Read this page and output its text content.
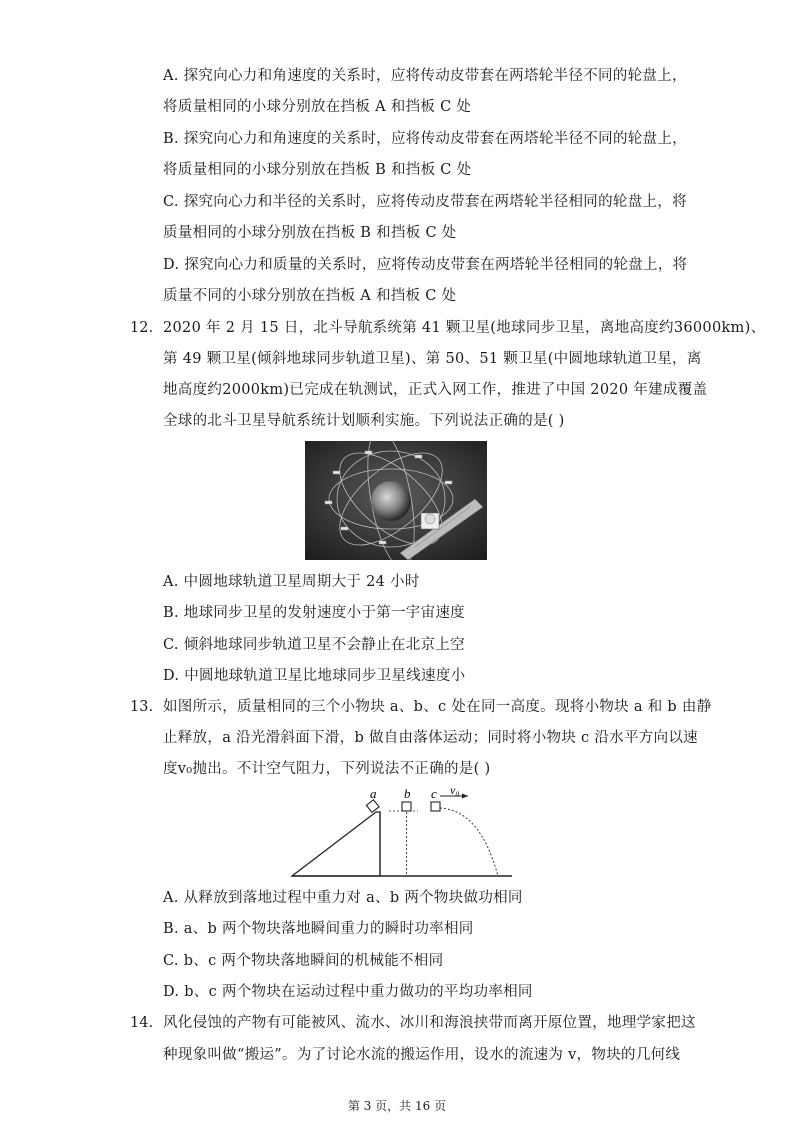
A. 探究向心力和角速度的关系时，应将传动皮带套在两塔轮半径不同的轮盘上，
将质量相同的小球分别放在挡板 A 和挡板 C 处
B. 探究向心力和角速度的关系时，应将传动皮带套在两塔轮半径不同的轮盘上，
将质量相同的小球分别放在挡板 B 和挡板 C 处
C. 探究向心力和半径的关系时，应将传动皮带套在两塔轮半径相同的轮盘上，将
质量相同的小球分别放在挡板 B 和挡板 C 处
D. 探究向心力和质量的关系时，应将传动皮带套在两塔轮半径相同的轮盘上，将
质量不同的小球分别放在挡板 A 和挡板 C 处
12. 2020 年 2 月 15 日，北斗导航系统第 41 颗卫星(地球同步卫星，离地高度约36000km)、
第 49 颗卫星(倾斜地球同步轨道卫星)、第 50、51 颗卫星(中圆地球轨道卫星，离
地高度约2000km)已完成在轨测试，正式入网工作，推进了中国 2020 年建成覆盖
全球的北斗卫星导航系统计划顺利实施。下列说法正确的是( )
A. 中圆地球轨道卫星周期大于 24 小时
B. 地球同步卫星的发射速度小于第一宇宙速度
C. 倾斜地球同步轨道卫星不会静止在北京上空
D. 中圆地球轨道卫星比地球同步卫星线速度小
13. 如图所示，质量相同的三个小物块 a、b、c 处在同一高度。现将小物块 a 和 b 由静
止释放，a 沿光滑斜面下滑，b 做自由落体运动；同时将小物块 c 沿水平方向以速
度v₀抛出。不计空气阻力，下列说法不正确的是( )
a b c v₀
A. 从释放到落地过程中重力对 a、b 两个物块做功相同
B. a、b 两个物块落地瞬间重力的瞬时功率相同
C. b、c 两个物块落地瞬间的机械能不相同
D. b、c 两个物块在运动过程中重力做功的平均功率相同
14. 风化侵蚀的产物有可能被风、流水、冰川和海浪挟带而离开原位置，地理学家把这
种现象叫做“搬运”。为了讨论水流的搬运作用，设水的流速为 v，物块的几何线
第 3 页，共 16 页
